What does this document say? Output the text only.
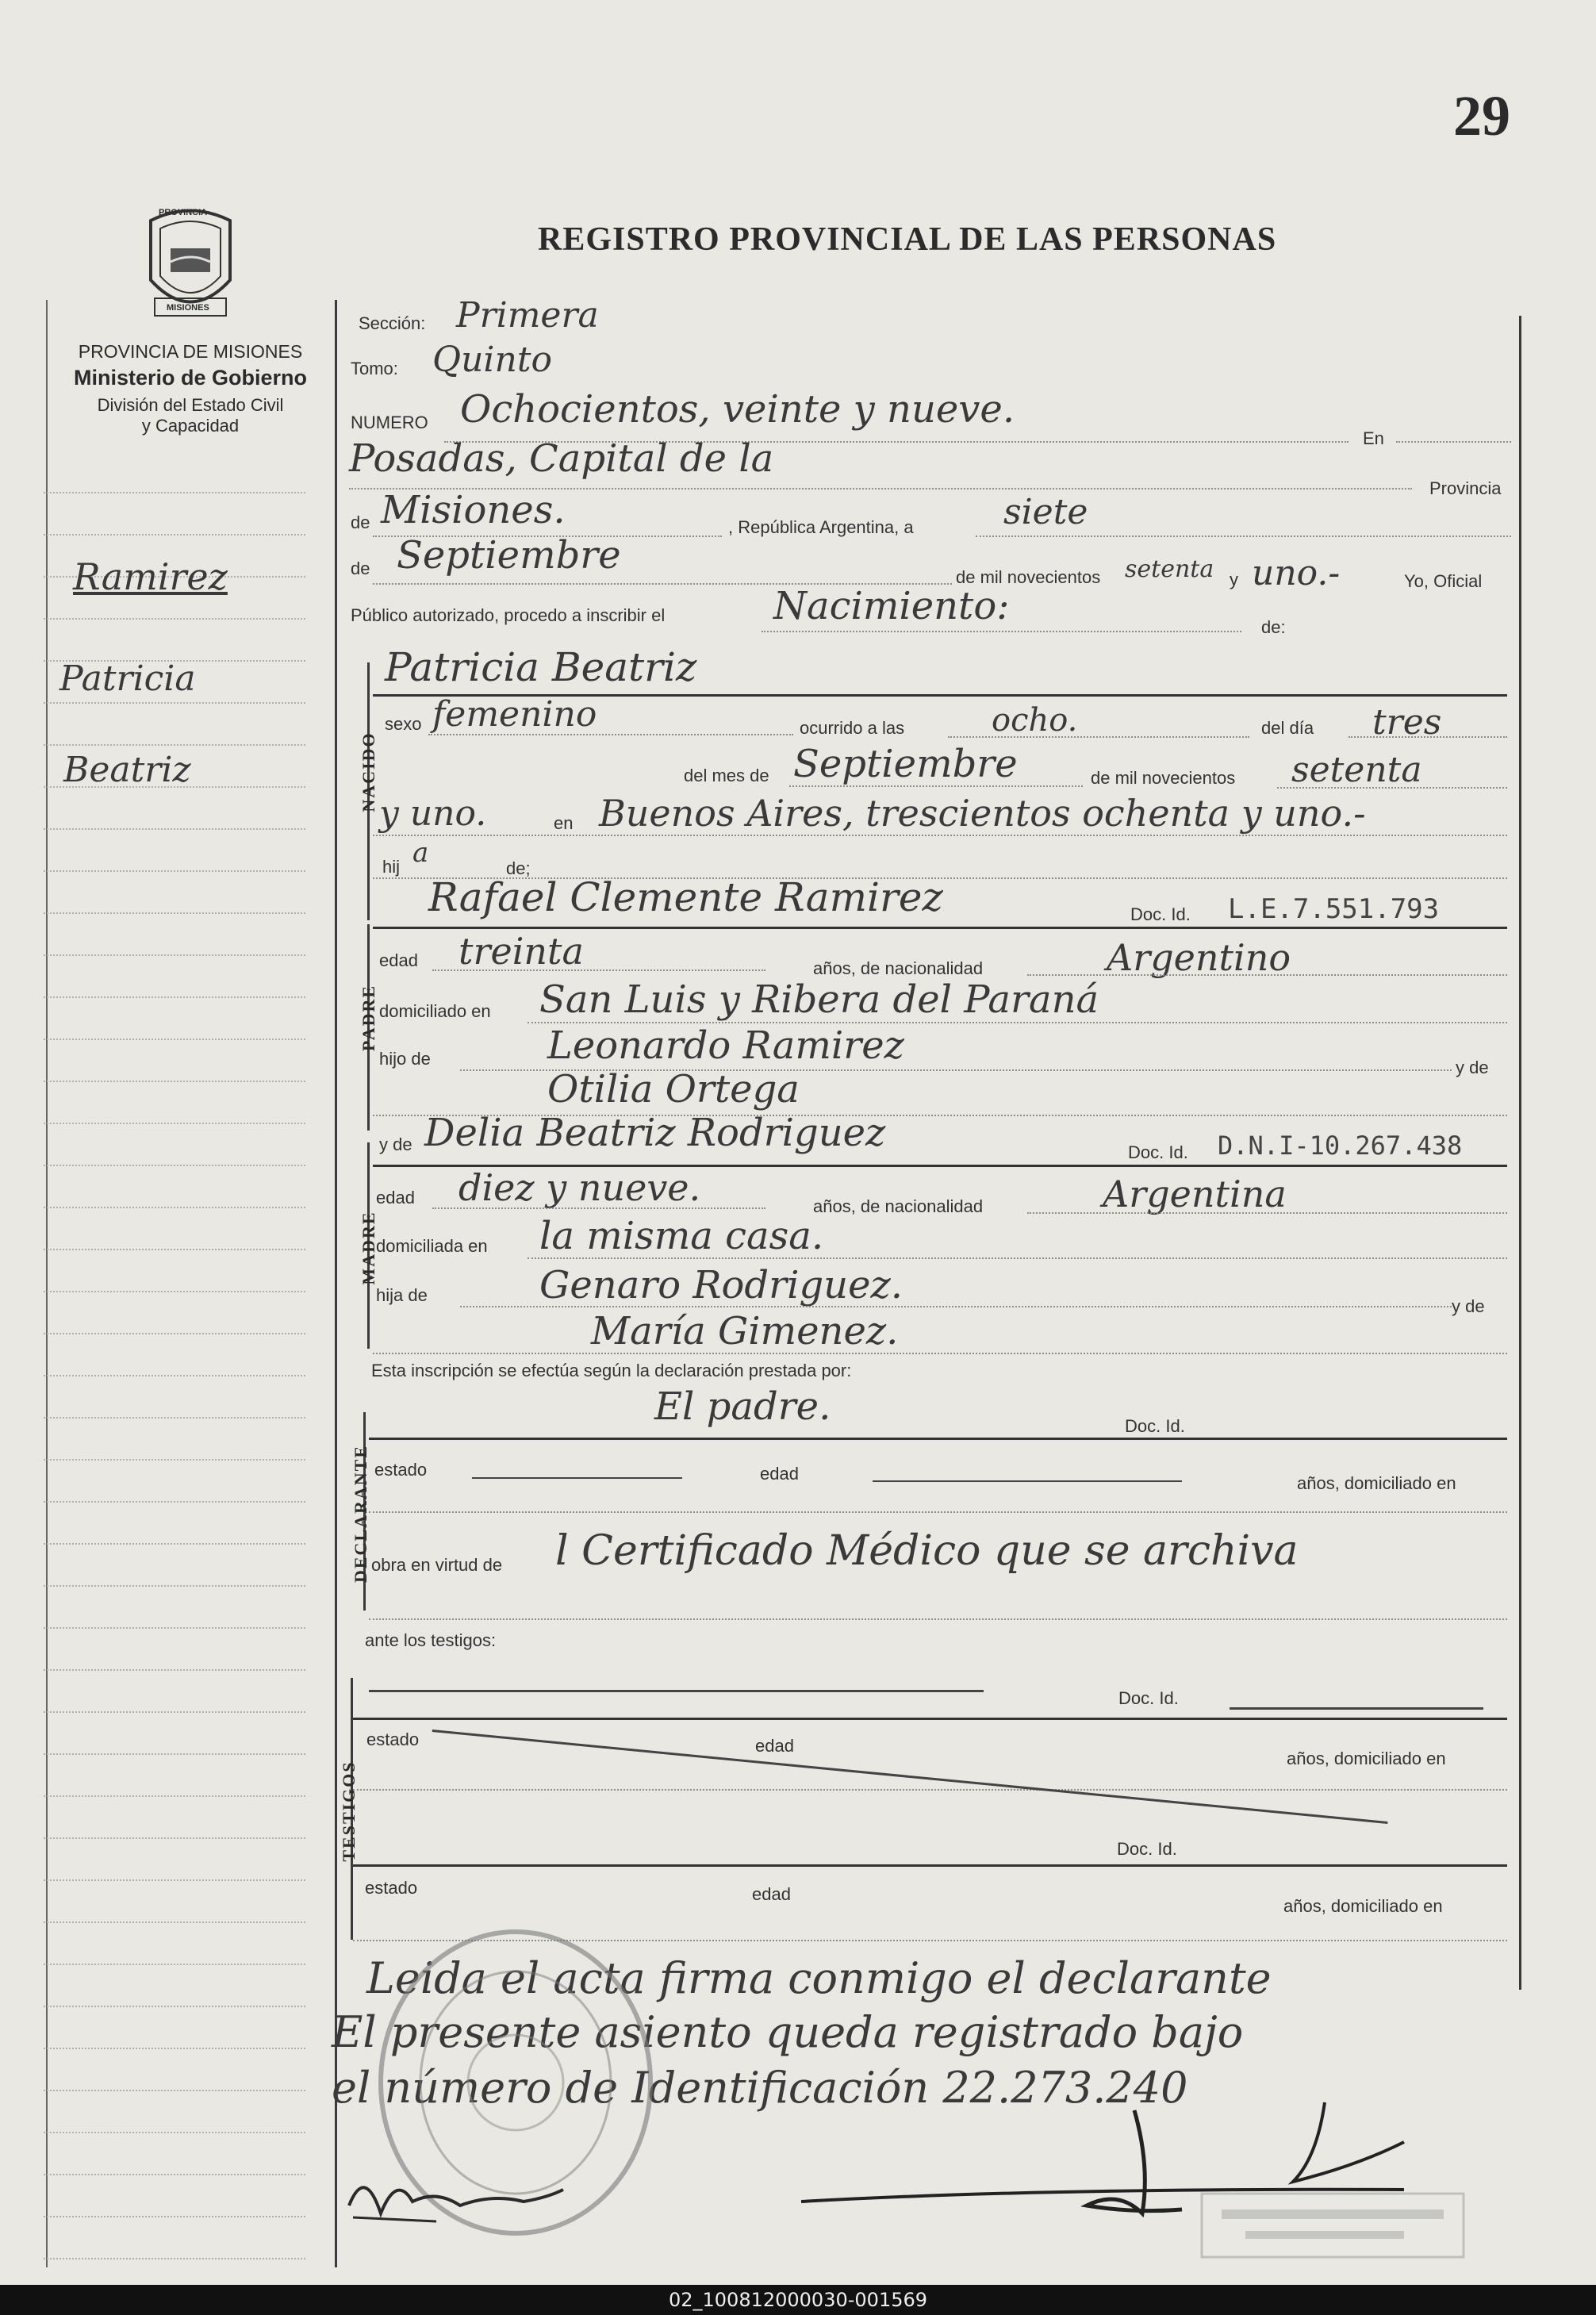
29
REGISTRO PROVINCIAL DE LAS PERSONAS
PROVINCIA
MISIONES
PROVINCIA DE MISIONES
Ministerio de Gobierno
División del Estado Civil
y Capacidad
Ramirez
Patricia
Beatriz
Sección: Primera
Tomo: Quinto
NUMERO Ochocientos, veinte y nueve.
En
Posadas, Capital de la
Provincia
de Misiones.	, República Argentina, a	siete
de Septiembre	de mil novecientos setenta y uno.-	Yo, Oficial
Público autorizado, procedo a inscribir el	Nacimiento:	de:
NACIDO
Patricia Beatriz
sexo femenino	ocurrido a las	ocho.	del día tres
del mes de Septiembre	de mil novecientos setenta
y uno.	en Buenos Aires, trescientos ochenta y uno.-
hij a	de;
PADRE
Rafael Clemente Ramirez	Doc. Id. L.E.7.551.793
edad treinta	años, de nacionalidad	Argentino
domiciliado en San Luis y Ribera del Paraná
hijo de	Leonardo Ramirez	y de
Otilia Ortega
y de Delia Beatriz Rodriguez	Doc. Id. D.N.I-10.267.438
MADRE
edad diez y nueve.	años, de nacionalidad	Argentina
domiciliada en la misma casa.
hija de	Genaro Rodriguez.	y de
María Gimenez.
Esta inscripción se efectúa según la declaración prestada por:
DECLARANTE
El padre.	Doc. Id.
estado	edad	años, domiciliado en
obra en virtud de l Certificado Médico que se archiva
ante los testigos:
TESTIGOS
Doc. Id.
estado	edad
años, domiciliado en
Doc. Id.
estado	edad
años, domiciliado en
Leida el acta firma conmigo el declarante
El presente asiento queda registrado bajo
el número de Identificación 22.273.240
02_100812000030-001569
